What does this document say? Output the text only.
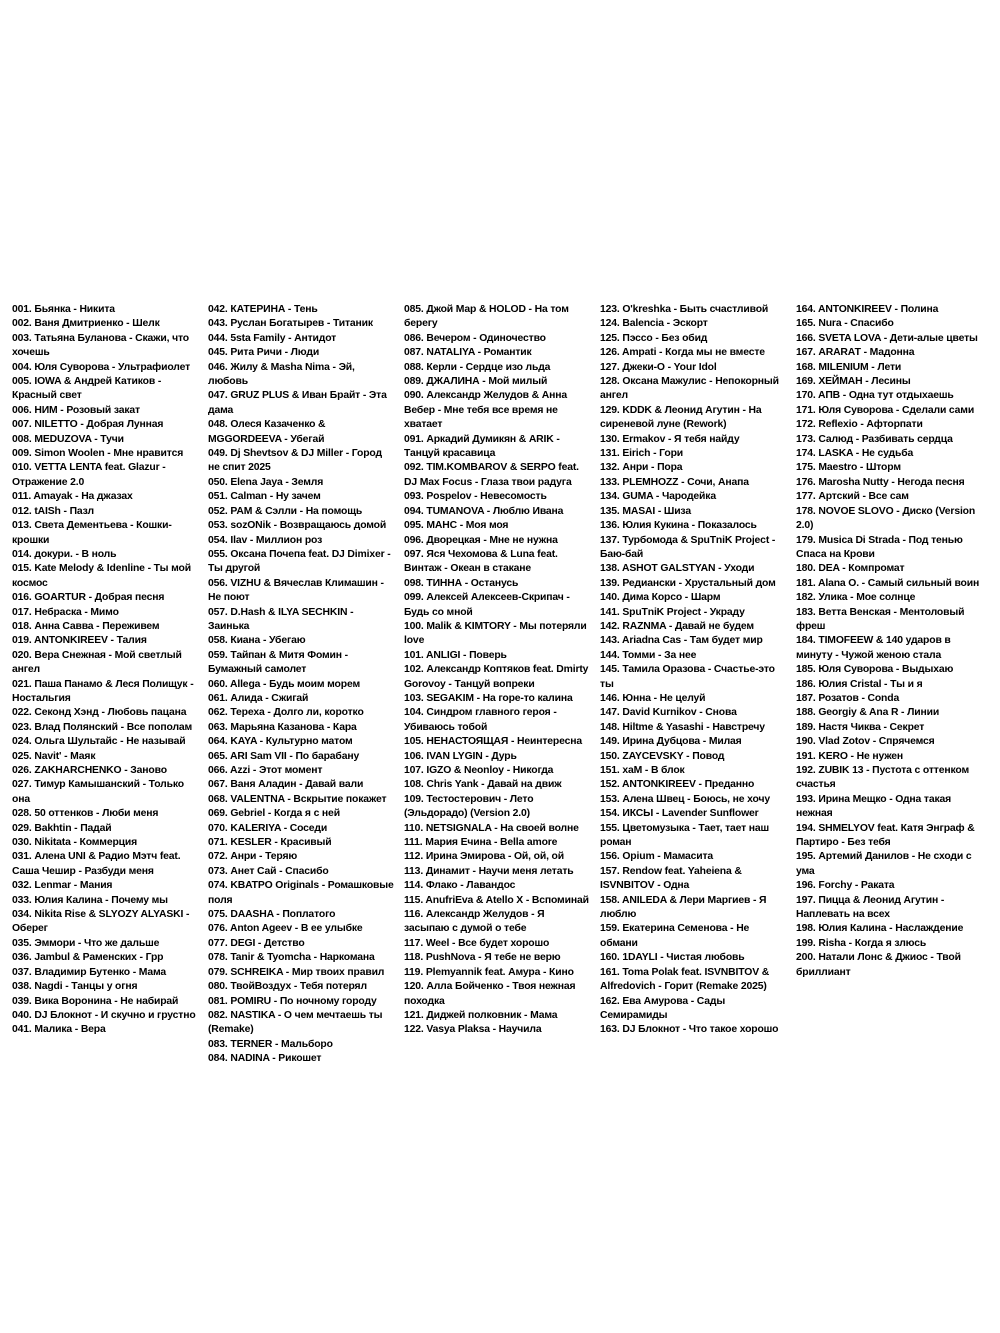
001. Бьянка - Никита
002. Ваня Дмитриенко - Шелк
003. Татьяна Буланова - Скажи, что хочешь
004. Юля Суворова - Ультрафиолет
005. IOWA & Андрей Катиков - Красный свет
006. НИМ - Розовый закат
007. NILETTO - Добрая Лунная
008. MEDUZOVA - Тучи
009. Simon Woolen - Мне нравится
010. VETTA LENTA feat. Glazur - Отражение 2.0
011. Amayak - На джазах
012. tAISh - Пазл
013. Света Дементьева - Кошки-крошки
014. докури. - В ноль
015. Kate Melody & Idenline - Ты мой космос
016. GOARTUR - Добрая песня
017. Небраска - Мимо
018. Анна Савва - Переживем
019. ANTONKIREEV - Талия
020. Вера Снежная - Мой светлый ангел
021. Паша Панамо & Леся Полищук - Ностальгия
022. Секонд Хэнд - Любовь пацана
023. Влад Полянский - Все пополам
024. Ольга Шультайс - Не называй
025. Navit' - Маяк
026. ZAKHARCHENKO - Заново
027. Тимур Камышанский - Только она
028. 50 оттенков - Люби меня
029. Bakhtin - Падай
030. Nikitata - Коммерция
031. Алена UNI & Радио Мэтч feat. Саша Чешир - Разбуди меня
032. Lenmar - Мания
033. Юлия Калина - Почему мы
034. Nikita Rise & SLYOZY ALYASKI - Оберег
035. Эммори - Что же дальше
036. Jambul & Раменских - Грр
037. Владимир Бутенко - Мама
038. Nagdi - Танцы у огня
039. Вика Воронина - Не набирай
040. DJ Блокнот - И скучно и грустно
041. Малика - Вера
042. КАТЕРИНА - Тень
043. Руслан Богатырев - Титаник
044. 5sta Family - Антидот
045. Рита Ричи - Люди
046. Жилу & Masha Nima - Эй, любовь
047. GRUZ PLUS & Иван Брайт - Эта дама
048. Олеся Казаченко & MGGORDEEVA - Убегай
049. Dj Shevtsov & DJ Miller - Город не спит 2025
050. Elena Jaya - Земля
051. Calman - Ну зачем
052. PAM & Сэлли - На помощь
053. sozONik - Возвращаюсь домой
054. Ilav - Миллион роз
055. Оксана Почепа feat. DJ Dimixer - Ты другой
056. VIZHU & Вячеслав Климашин - Не поют
057. D.Hash & ILYA SECHKIN - Заинька
058. Киана - Убегаю
059. Тайпан & Митя Фомин - Бумажный самолет
060. Allega - Будь моим морем
061. Алида - Сжигай
062. Тереха - Долго ли, коротко
063. Марьяна Казанова - Кара
064. KAYA - Культурно матом
065. ARI Sam VII - По барабану
066. Azzi - Этот момент
067. Ваня Аладин - Давай вали
068. VALENTNA - Вскрытие покажет
069. Gebriel - Когда я с ней
070. KALERIYA - Соседи
071. KESLER - Красивый
072. Анри - Теряю
073. Анет Сай - Спасибо
074. KBATPO Originals - Ромашковые поля
075. DAASHA - Поплатого
076. Anton Ageev - В ее улыбке
077. DEGI - Детство
078. Tanir & Tyomcha - Наркомана
079. SCHREIKA - Мир твоих правил
080. ТвойВоздух - Тебя потерял
081. POMIRU - По ночному городу
082. NASTIKA - О чем мечтаешь ты (Remake)
083. TERNER - Мальборо
084. NADINA - Рикошет
085. Джой Мар & HOLOD - На том берегу
086. Вечером - Одиночество
087. NATALIYA - Романтик
088. Керли - Сердце изо льда
089. ДЖАЛИНА - Мой милый
090. Александр Желудов & Анна Вебер - Мне тебя все время не хватает
091. Аркадий Думикян & ARIK - Танцуй красавица
092. TIM.KOMBAROV & SERPO feat. DJ Max Focus - Глаза твои радуга
093. Pospelov - Невесомость
094. TUMANOVA - Люблю Ивана
095. МАНС - Моя моя
096. Дворецкая - Мне не нужна
097. Яся Чехомова & Luna feat. Винтаж - Океан в стакане
098. ТИННА - Останусь
099. Алексей Алексеев-Скрипач - Будь со мной
100. Malik & KIMTORY - Мы потеряли love
101. ANLIGI - Поверь
102. Александр Коптяков feat. Dmirty Gorovoy - Танцуй вопреки
103. SEGAKIM - На горе-то калина
104. Синдром главного героя - Убиваюсь тобой
105. НЕНАСТОЯЩАЯ - Неинтересна
106. IVAN LYGIN - Дурь
107. IGZO & Neonloy - Никогда
108. Chris Yank - Давай на движ
109. Тестостерович - Лето (Эльдорадо) (Version 2.0)
110. NETSIGNALA - На своей волне
111. Мария Ечина - Bella amore
112. Ирина Эмирова - Ой, ой, ой
113. Динамит - Научи меня летать
114. Флако - Лавандос
115. AnufriEva & Atello X - Вспоминай
116. Александр Желудов - Я засыпаю с думой о тебе
117. Weel - Все будет хорошо
118. PushNova - Я тебе не верю
119. Plemyannik feat. Амура - Кино
120. Алла Бойченко - Твоя нежная походка
121. Диджей полковник - Мама
122. Vasya Plaksa - Научила
123. O'kreshka - Быть счастливой
124. Balencia - Эскорт
125. Пэссо - Без обид
126. Ampati - Когда мы не вместе
127. Джеки-О - Your Idol
128. Оксана Мажулис - Непокорный ангел
129. KDDK & Леонид Агутин - На сиреневой луне (Rework)
130. Ermakov - Я тебя найду
131. Eirich - Гори
132. Анри - Пора
133. PLEMHOZZ - Сочи, Анапа
134. GUMA - Чародейка
135. MASAI - Шиза
136. Юлия Кукина - Показалось
137. Турбомода & SpuTniK Project - Баю-бай
138. ASHOT GALSTYAN - Уходи
139. Редиански - Хрустальный дом
140. Дима Корсо - Шарм
141. SpuTniK Project - Украду
142. RAZNMA - Давай не будем
143. Ariadna Cas - Там будет мир
144. Томми - За нее
145. Тамила Оразова - Счастье-это ты
146. Юнна - Не целуй
147. David Kurnikov - Снова
148. Hiltme & Yasashi - Навстречу
149. Ирина Дубцова - Милая
150. ZAYCEVSKY - Повод
151. xaM - В блок
152. ANTONKIREEV - Преданно
153. Алена Швец - Боюсь, не хочу
154. ИКСЫ - Lavender Sunflower
155. Цветомузыка - Тает, тает наш роман
156. Opium - Мамасита
157. Rendow feat. Yaheiena & ISVNBITOV - Одна
158. ANILEDA & Лери Маргиев - Я люблю
159. Екатерина Семенова - Не обмани
160. 1DAYLI - Чистая любовь
161. Toma Polak feat. ISVNBITOV & Alfredovich - Горит (Remake 2025)
162. Ева Амурова - Сады Семирамиды
163. DJ Блокнот - Что такое хорошо
164. ANTONKIREEV - Полина
165. Nura - Спасибо
166. SVETA LOVA - Дети-алые цветы
167. АRАRАТ - Мадонна
168. MILENIUM - Лети
169. ХЕЙМАН - Лесины
170. AПВ - Одна тут отдыхаешь
171. Юля Суворова - Сделали сами
172. Reflexio - Афторпати
173. Салюд - Разбивать сердца
174. LASKA - Не судьба
175. Maestro - Шторм
176. Marosha Nutty - Негода песня
177. Артский - Все сам
178. NOVOE SLOVO - Диско (Version 2.0)
179. Musica Di Strada - Под тенью Спаса на Крови
180. DEA - Компромат
181. Alana O. - Самый сильный воин
182. Улика - Мое солнце
183. Ветта Венская - Ментоловый фреш
184. TIMOFEEW & 140 ударов в минуту - Чужой женою стала
185. Юля Суворова - Выдыхаю
186. Юлия Cristal - Ты и я
187. Розатов - Conda
188. Georgiy & Ana R - Линии
189. Настя Чиква - Секрет
190. Vlad Zotov - Спрячемся
191. KERO - Не нужен
192. ZUBIK 13 - Пустота с оттенком счастья
193. Ирина Мещко - Одна такая нежная
194. SHMELYOV feat. Катя Энграф & Партиро - Без тебя
195. Артемий Данилов - Не сходи с ума
196. Forchy - Раката
197. Пицца & Леонид Агутин - Наплевать на всех
198. Юлия Калина - Наслаждение
199. Risha - Когда я злюсь
200. Натали Лонс & Джиос - Твой бриллиант
